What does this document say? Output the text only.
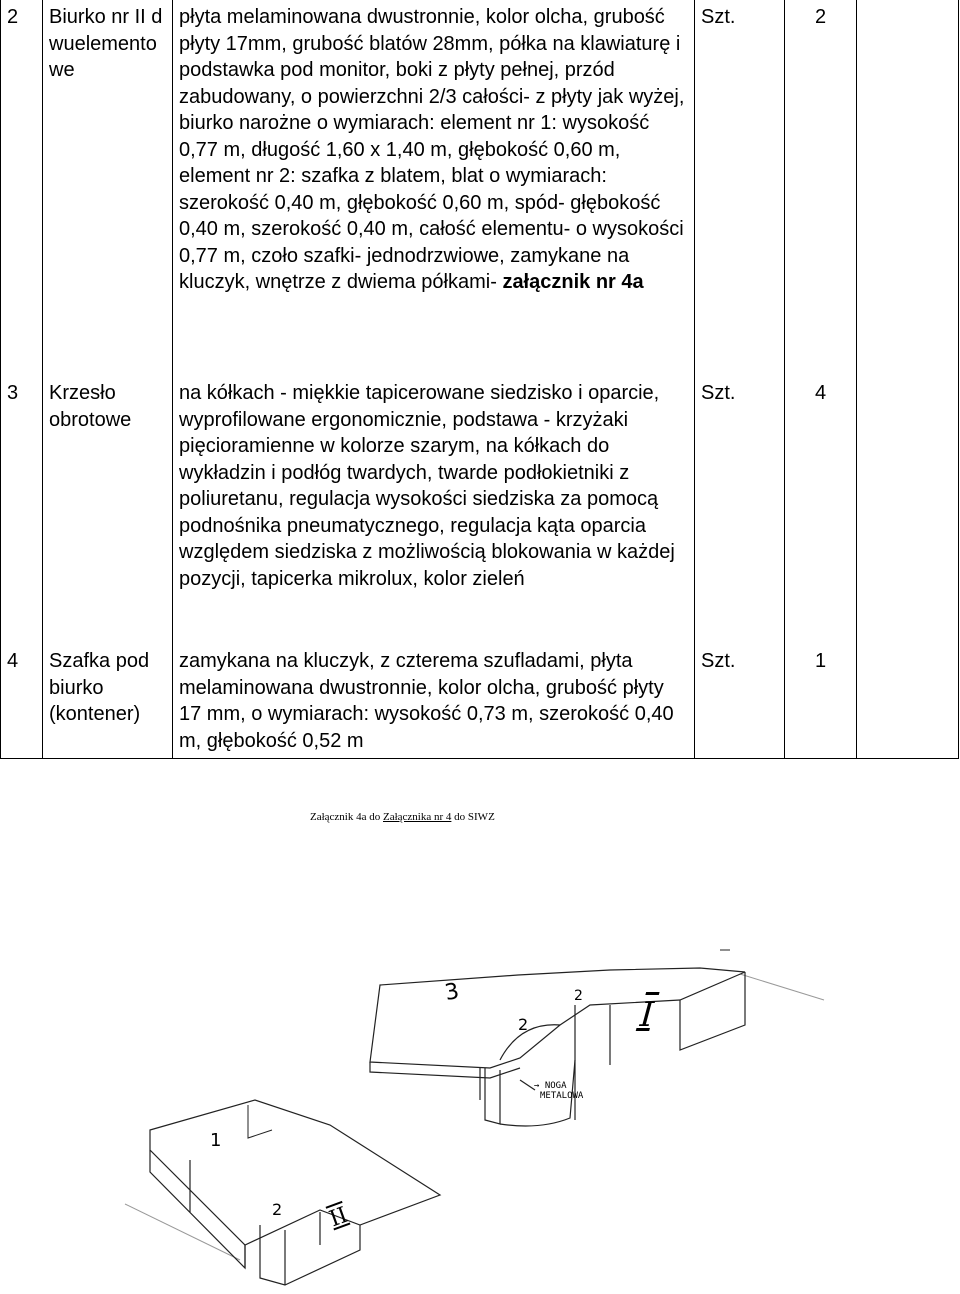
2	Biurko nr II dwuelementowe	płyta melaminowana dwustronnie, kolor olcha, grubość płyty 17mm, grubość blatów 28mm, półka na klawiaturę i podstawka pod monitor, boki z płyty pełnej, przód zabudowany, o powierzchni 2/3 całości- z płyty jak wyżej, biurko narożne o wymiarach: element nr 1: wysokość 0,77 m, długość 1,60 x 1,40 m, głębokość 0,60 m, element nr 2: szafka z blatem, blat o wymiarach: szerokość 0,40 m, głębokość 0,60 m, spód- głębokość 0,40 m, szerokość 0,40 m, całość elementu- o wysokości 0,77 m, czoło szafki- jednodrzwiowe, zamykane na kluczyk, wnętrze z dwiema półkami- załącznik nr 4a	Szt.	2	
3	Krzesło obrotowe	na kółkach - miękkie tapicerowane siedzisko i oparcie, wyprofilowane ergonomicznie, podstawa - krzyżaki pięcioramienne w kolorze szarym, na kółkach do wykładzin i podłóg twardych, twarde podłokietniki z poliuretanu, regulacja wysokości siedziska za pomocą podnośnika pneumatycznego, regulacja kąta oparcia względem siedziska z możliwością blokowania w każdej pozycji, tapicerka mikrolux, kolor zieleń	Szt.	4	
4	Szafka pod biurko (kontener)	zamykana na kluczyk, z czterema szufladami, płyta melaminowana dwustronnie, kolor olcha, grubość płyty 17 mm, o wymiarach: wysokość 0,73 m, szerokość 0,40 m, głębokość 0,52 m	Szt.	1	
Załącznik 4a do Załącznika nr 4 do SIWZ
3
2
2
1
2
I
II
→ NOGA
METALOWA
